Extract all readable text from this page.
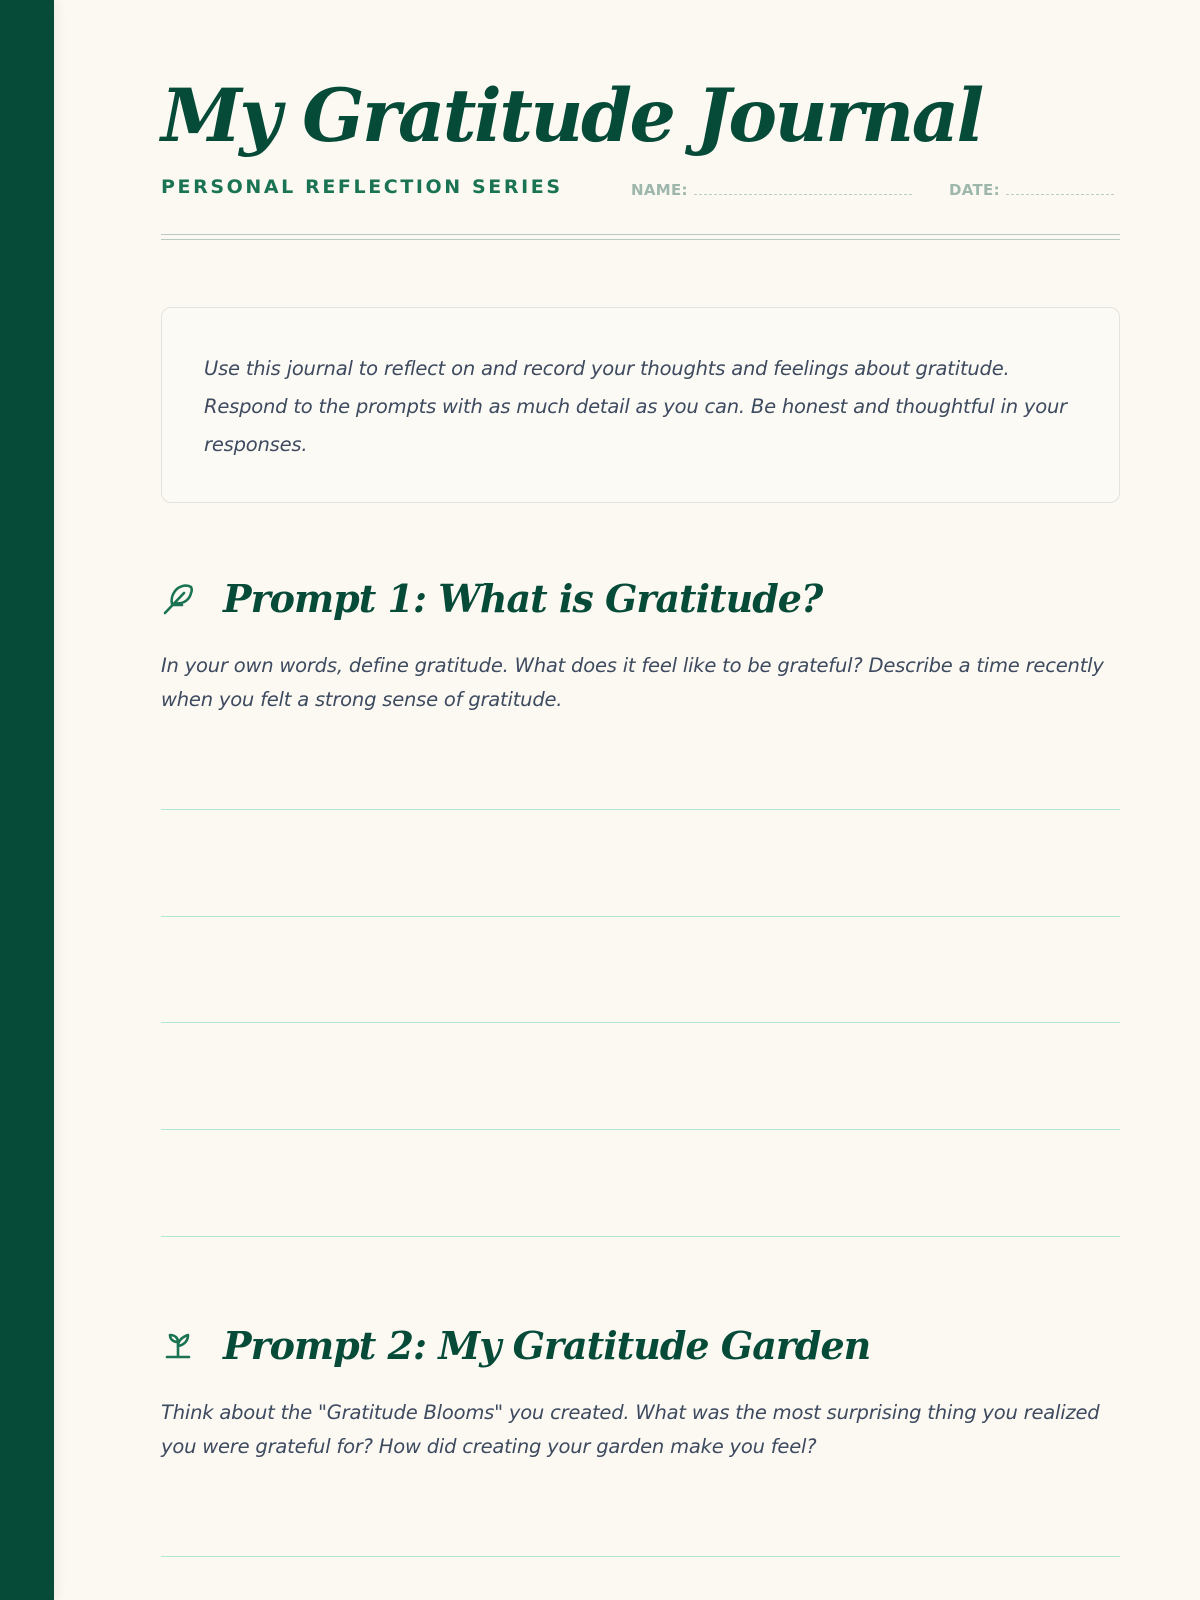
My Gratitude Journal
PERSONAL REFLECTION SERIES	NAME:	DATE:

Use this journal to reflect on and record your thoughts and feelings about gratitude. Respond to the prompts with as much detail as you can. Be honest and thoughtful in your responses.

Prompt 1: What is Gratitude?

In your own words, define gratitude. What does it feel like to be grateful? Describe a time recently when you felt a strong sense of gratitude.

Prompt 2: My Gratitude Garden

Think about the "Gratitude Blooms" you created. What was the most surprising thing you realized you were grateful for? How did creating your garden make you feel?
